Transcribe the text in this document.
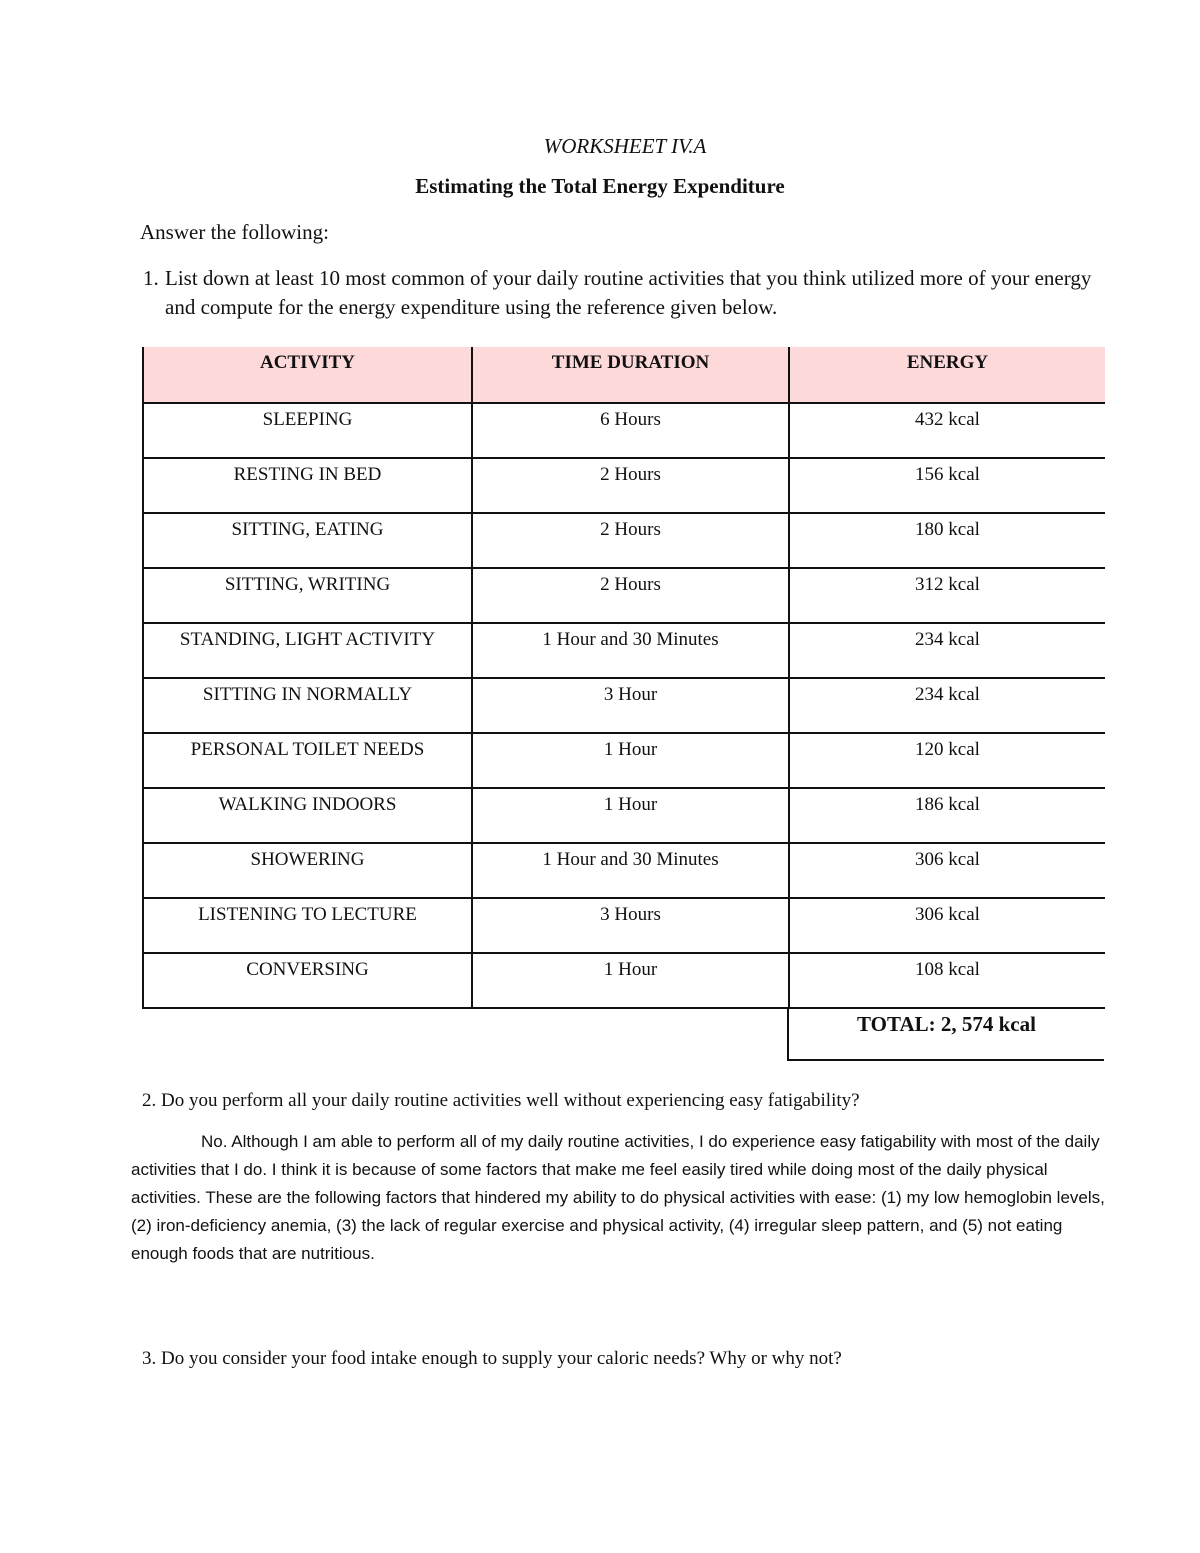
WORKSHEET IV.A
Estimating the Total Energy Expenditure
Answer the following:
1. List down at least 10 most common of your daily routine activities that you think utilized more of your energy and compute for the energy expenditure using the reference given below.
ACTIVITY	TIME DURATION	ENERGY
SLEEPING	6 Hours	432 kcal
RESTING IN BED	2 Hours	156 kcal
SITTING, EATING	2 Hours	180 kcal
SITTING, WRITING	2 Hours	312 kcal
STANDING, LIGHT ACTIVITY	1 Hour and 30 Minutes	234 kcal
SITTING IN NORMALLY	3 Hour	234 kcal
PERSONAL TOILET NEEDS	1 Hour	120 kcal
WALKING INDOORS	1 Hour	186 kcal
SHOWERING	1 Hour and 30 Minutes	306 kcal
LISTENING TO LECTURE	3 Hours	306 kcal
CONVERSING	1 Hour	108 kcal
TOTAL: 2, 574 kcal
2. Do you perform all your daily routine activities well without experiencing easy fatigability?
No. Although I am able to perform all of my daily routine activities, I do experience easy fatigability with most of the daily activities that I do. I think it is because of some factors that make me feel easily tired while doing most of the daily physical activities. These are the following factors that hindered my ability to do physical activities with ease: (1) my low hemoglobin levels, (2) iron-deficiency anemia, (3) the lack of regular exercise and physical activity, (4) irregular sleep pattern, and (5) not eating enough foods that are nutritious.
3. Do you consider your food intake enough to supply your caloric needs? Why or why not?
